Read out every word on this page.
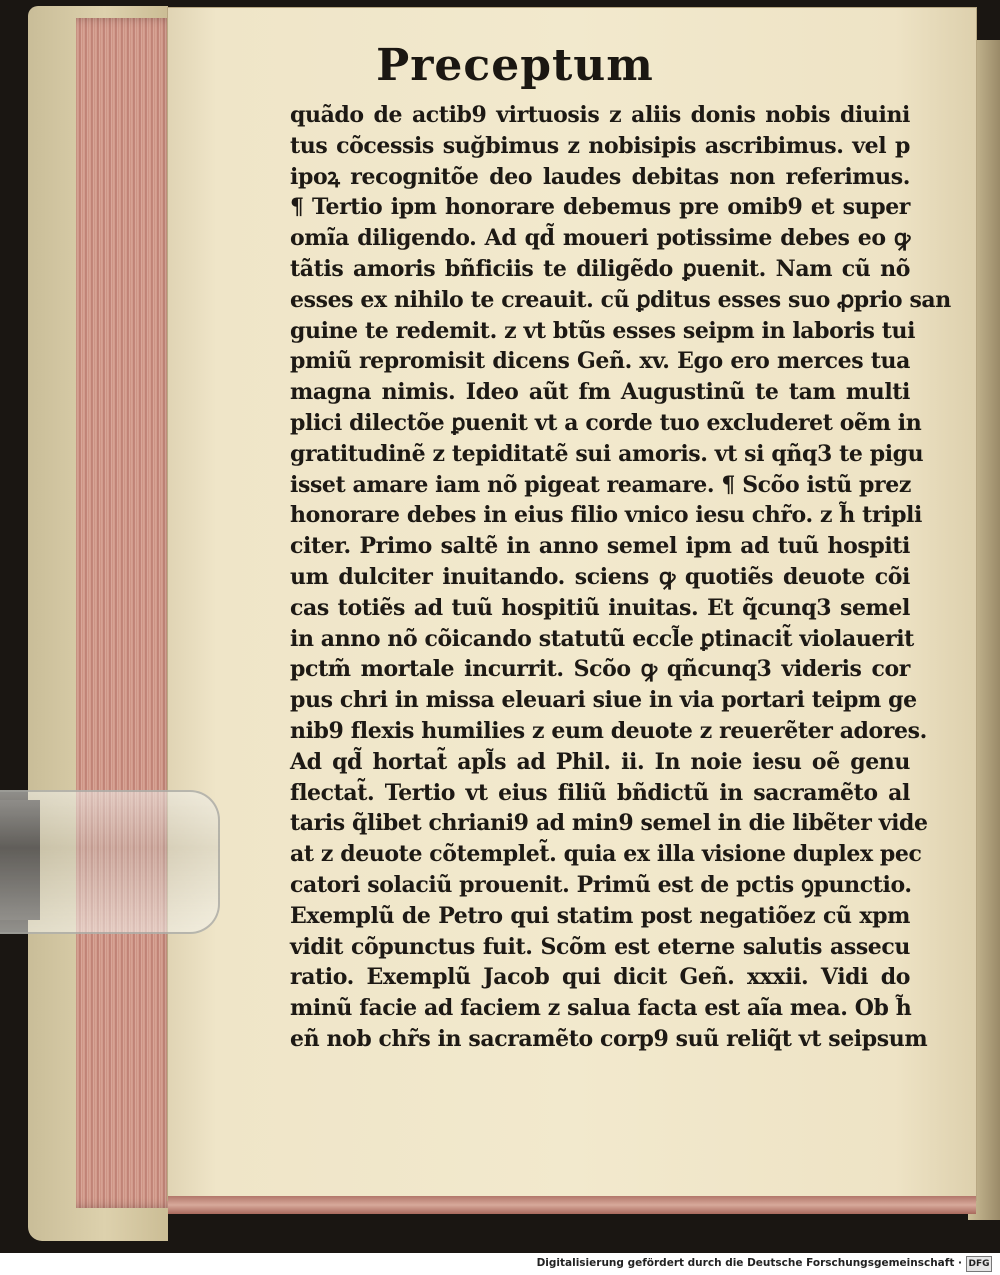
Preceptum
quãdo de actib9 virtuosis z aliis donis nobis diuini
tus cõcessis suğbimus z nobisipis ascribimus. vel p
ipoꝝ recognitõe deo laudes debitas non referimus.
¶ Tertio ipm honorare debemus pre omib9 et super
omĩa diligendo. Ad qd̃ moueri potissime debes eo ꝙ
tãtis amoris bñficiis te diligẽdo ꝑuenit. Nam cũ nõ
esses ex nihilo te creauit. cũ ꝑditus esses suo ꝓprio san
guine te redemit. z vt btũs esses seipm in laboris tui
pmiũ repromisit dicens Geñ. xv. Ego ero merces tua
magna nimis. Ideo aũt fm Augustinũ te tam multi
plici dilectõe ꝑuenit vt a corde tuo excluderet oẽm in
gratitudinẽ z tepiditatẽ sui amoris. vt si qñq3 te pigu
isset amare iam nõ pigeat reamare. ¶ Scõo istũ prez
honorare debes in eius filio vnico iesu chr̃o. z h̃ tripli
citer. Primo saltẽ in anno semel ipm ad tuũ hospiti
um dulciter inuitando. sciens ꝙ quotiẽs deuote cõi
cas totiẽs ad tuũ hospitiũ inuitas. Et q̃cunq3 semel
in anno nõ cõicando statutũ eccl̃e ꝑtinacit̃ violauerit
pctm̃ mortale incurrit. Scõo ꝙ qñcunq3 videris cor
pus chri in missa eleuari siue in via portari teipm ge
nib9 flexis humilies z eum deuote z reuerẽter adores.
Ad qd̃ hortat̃ apl̃s ad Phil. ii. In noie iesu oẽ genu
flectat̃. Tertio vt eius filiũ bñdictũ in sacramẽto al
taris q̃libet chriani9 ad min9 semel in die libẽter vide
at z deuote cõtemplet̃. quia ex illa visione duplex pec
catori solaciũ prouenit. Primũ est de pctis ꝯpunctio.
Exemplũ de Petro qui statim post negatiõez cũ xpm
vidit cõpunctus fuit. Scõm est eterne salutis assecu
ratio. Exemplũ Jacob qui dicit Geñ. xxxii. Vidi do
minũ facie ad faciem z salua facta est aĩa mea. Ob h̃
eñ nob chr̃s in sacramẽto corp9 suũ reliq̃t vt seipsum
Digitalisierung gefördert durch die Deutsche Forschungsgemeinschaft · DFG
